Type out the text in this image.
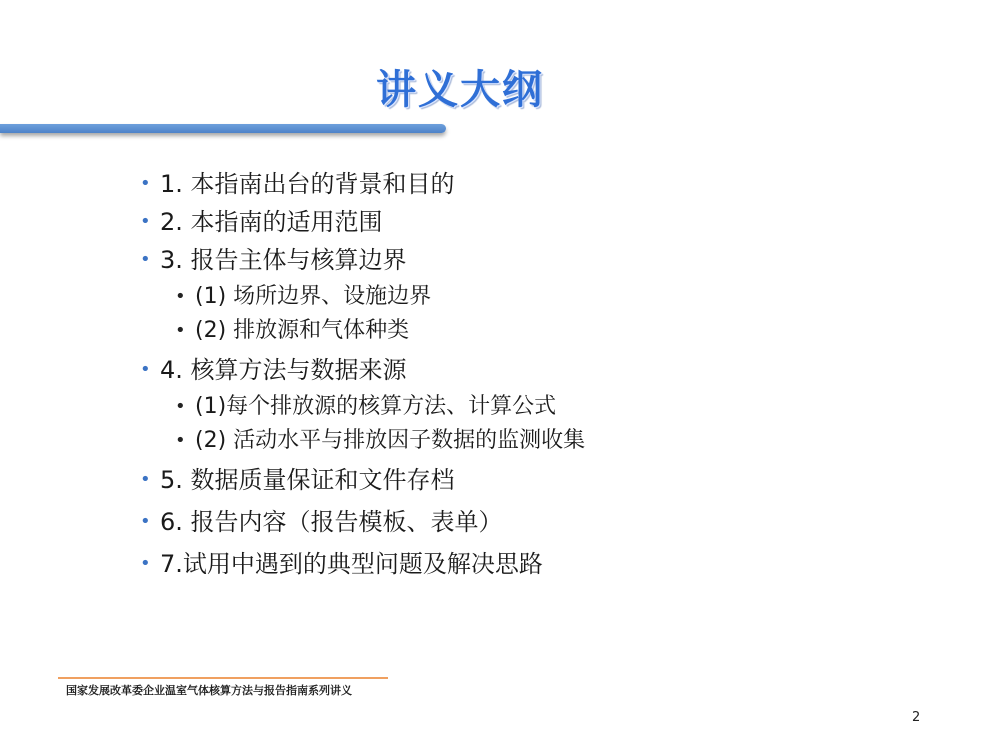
讲义大纲
• 1. 本指南出台的背景和目的
• 2. 本指南的适用范围
• 3. 报告主体与核算边界
• (1) 场所边界、设施边界
• (2) 排放源和气体种类
• 4. 核算方法与数据来源
• (1)每个排放源的核算方法、计算公式
• (2) 活动水平与排放因子数据的监测收集
• 5. 数据质量保证和文件存档
• 6. 报告内容（报告模板、表单）
• 7.试用中遇到的典型问题及解决思路
国家发展改革委企业温室气体核算方法与报告指南系列讲义
2
